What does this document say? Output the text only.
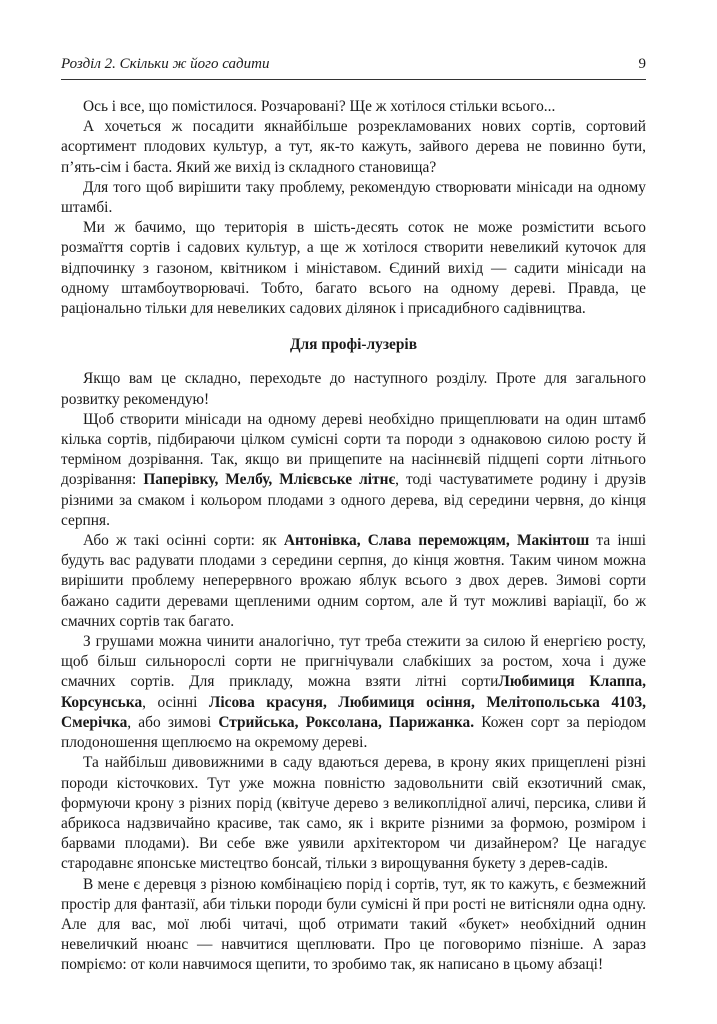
Розділ 2. Скільки ж його садити	9

Ось і все, що помістилося. Розчаровані? Ще ж хотілося стільки всього...

А хочеться ж посадити якнайбільше розрекламованих нових сортів, сортовий асортимент плодових культур, а тут, як-то кажуть, зайвого дерева не повинно бути, п’ять-сім і баста. Який же вихід із складного становища?

Для того щоб вирішити таку проблему, рекомендую створювати мінісади на одному штамбі.

Ми ж бачимо, що територія в шість-десять соток не може розмістити всього розмаїття сортів і садових культур, а ще ж хотілося створити невеликий куточок для відпочинку з газоном, квітником і мініставом. Єдиний вихід — садити мінісади на одному штамбоутворювачі. Тобто, багато всього на одному дереві. Правда, це раціонально тільки для невеликих садових ділянок і присадибного садівництва.

Для профі-лузерів

Якщо вам це складно, переходьте до наступного розділу. Проте для загального розвитку рекомендую!

Щоб створити мінісади на одному дереві необхідно прищеплювати на один штамб кілька сортів, підбираючи цілком сумісні сорти та породи з однаковою силою росту й терміном дозрівання. Так, якщо ви прищепите на насіннєвій підщепі сорти літнього дозрівання: Паперівку, Мелбу, Млієвське літнє, тоді частуватимете родину і друзів різними за смаком і кольором плодами з одного дерева, від середини червня, до кінця серпня.

Або ж такі осінні сорти: як Антонівка, Слава переможцям, Макінтош та інші будуть вас радувати плодами з середини серпня, до кінця жовтня. Таким чином можна вирішити проблему неперервного врожаю яблук всього з двох дерев. Зимові сорти бажано садити деревами щепленими одним сортом, але й тут можливі варіації, бо ж смачних сортів так багато.

З грушами можна чинити аналогічно, тут треба стежити за силою й енергією росту, щоб більш сильнорослі сорти не пригнічували слабкіших за ростом, хоча і дуже смачних сортів. Для прикладу, можна взяти літні сортиЛюбимиця Клаппа, Корсунська, осінні Лісова красуня, Любимиця осіння, Мелітопольська 4103, Смерічка, або зимові Стрийська, Роксолана, Парижанка. Кожен сорт за періодом плодоношення щеплюємо на окремому дереві.

Та найбільш дивовижними в саду вдаються дерева, в крону яких прищеплені різні породи кісточкових. Тут уже можна повністю задовольнити свій екзотичний смак, формуючи крону з різних порід (квітуче дерево з великоплідної аличі, персика, сливи й абрикоса надзвичайно красиве, так само, як і вкрите різними за формою, розміром і барвами плодами). Ви себе вже уявили архітектором чи дизайнером? Це нагадує стародавнє японське мистецтво бонсай, тільки з вирощування букету з дерев-садів.

В мене є деревця з різною комбінацією порід і сортів, тут, як то кажуть, є безмежний простір для фантазії, аби тільки породи були сумісні й при рості не витісняли одна одну. Але для вас, мої любі читачі, щоб отримати такий «букет» необхідний однин невеличкий нюанс — навчитися щеплювати. Про це поговоримо пізніше. А зараз помріємо: от коли навчимося щепити, то зробимо так, як написано в цьому абзаці!
